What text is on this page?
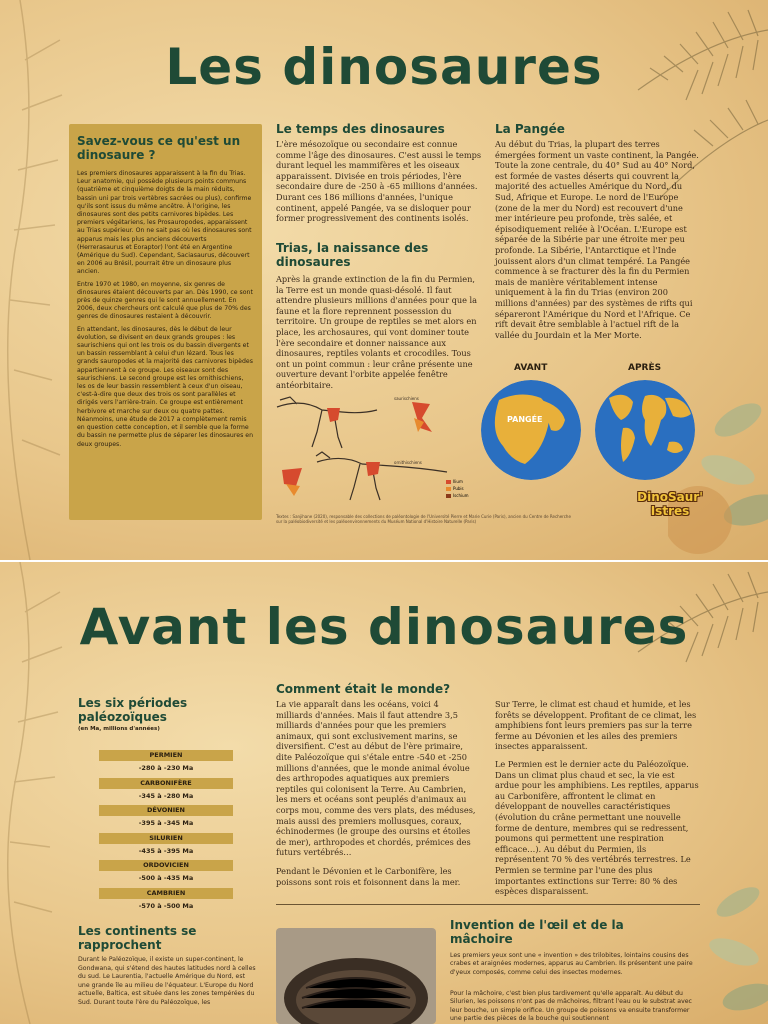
Les dinosaures
Savez-vous ce qu'est un dinosaure ?
Les premiers dinosaures apparaissent à la fin du Trias. Leur anatomie, qui possède plusieurs points communs (quatrième et cinquième doigts de la main réduits, bassin uni par trois vertèbres sacrées ou plus), confirme qu'ils sont issus du même ancêtre. À l'origine, les dinosaures sont des petits carnivores bipèdes. Les premiers végétariens, les Prosauropodes, apparaissent au Trias supérieur. On ne sait pas où les dinosaures sont apparus mais les plus anciens découverts (Herrerasaurus et Eoraptor) l'ont été en Argentine (Amérique du Sud). Cependant, Saciasaurus, découvert en 2006 au Brésil, pourrait être un dinosaure plus ancien.
Entre 1970 et 1980, en moyenne, six genres de dinosaures étaient découverts par an. Dès 1990, ce sont près de quinze genres qui le sont annuellement. En 2006, deux chercheurs ont calculé que plus de 70% des genres de dinosaures restaient à découvrir.
En attendant, les dinosaures, dès le début de leur évolution, se divisent en deux grands groupes : les saurischiens qui ont les trois os du bassin divergents et un bassin ressemblant à celui d'un lézard. Tous les grands sauropodes et la majorité des carnivores bipèdes appartiennent à ce groupe. Les oiseaux sont des saurischiens. Le second groupe est les ornithischiens, les os de leur bassin ressemblent à ceux d'un oiseau, c'est-à-dire que deux des trois os sont parallèles et dirigés vers l'arrière-train. Ce groupe est entièrement herbivore et marche sur deux ou quatre pattes. Néanmoins, une étude de 2017 a complètement remis en question cette conception, et il semble que la forme du bassin ne permette plus de séparer les dinosaures en deux groupes.
Le temps des dinosaures
L'ère mésozoïque ou secondaire est connue comme l'âge des dinosaures. C'est aussi le temps durant lequel les mammifères et les oiseaux apparaissent. Divisée en trois périodes, l'ère secondaire dure de -250 à -65 millions d'années. Durant ces 186 millions d'années, l'unique continent, appelé Pangée, va se disloquer pour former progressivement des continents isolés.
Trias, la naissance des dinosaures
Après la grande extinction de la fin du Permien, la Terre est un monde quasi-désolé. Il faut attendre plusieurs millions d'années pour que la faune et la flore reprennent possession du territoire. Un groupe de reptiles se met alors en place, les archosaures, qui vont dominer toute l'ère secondaire et donner naissance aux dinosaures, reptiles volants et crocodiles. Tous ont un point commun : leur crâne présente une ouverture devant l'orbite appelée fenêtre antéorbitaire.
saurischiens
ornithischiens
Ilium
Pubis
Ischium
Textes : Sanjihane (2020), responsable des collections de paléontologie de l'Université Pierre et Marie Curie (Paris), ancien du Centre de Recherche sur la paléobiodiversité et les paléoenvironnements du Muséum National d'Histoire Naturelle (Paris)
La Pangée
Au début du Trias, la plupart des terres émergées forment un vaste continent, la Pangée. Toute la zone centrale, du 40° Sud au 40° Nord, est formée de vastes déserts qui couvrent la majorité des actuelles Amérique du Nord, du Sud, Afrique et Europe. Le nord de l'Europe (zone de la mer du Nord) est recouvert d'une mer intérieure peu profonde, très salée, et épisodiquement reliée à l'Océan. L'Europe est séparée de la Sibérie par une étroite mer peu profonde. La Sibérie, l'Antarctique et l'Inde jouissent alors d'un climat tempéré. La Pangée commence à se fracturer dès la fin du Permien mais de manière véritablement intense uniquement à la fin du Trias (environ 200 millions d'années) par des systèmes de rifts qui sépareront l'Amérique du Nord et l'Afrique. Ce rift devait être semblable à l'actuel rift de la vallée du Jourdain et la Mer Morte.
AVANT	APRÈS
PANGÉE
DinoSaur' Istres
Avant les dinosaures
Les six périodes paléozoïques
(en Ma, millions d'années)
PERMIEN
-280 à -230 Ma
CARBONIFÈRE
-345 à -280 Ma
DÉVONIEN
-395 à -345 Ma
SILURIEN
-435 à -395 Ma
ORDOVICIEN
-500 à -435 Ma
CAMBRIEN
-570 à -500 Ma
Les continents se rapprochent
Durant le Paléozoïque, il existe un super-continent, le Gondwana, qui s'étend des hautes latitudes nord à celles du sud. Le Laurentia, l'actuelle Amérique du Nord, est une grande île au milieu de l'équateur. L'Europe du Nord actuelle, Baltica, est située dans les zones tempérées du Sud. Durant toute l'ère du Paléozoïque, les
Comment était le monde?
La vie apparaît dans les océans, voici 4 milliards d'années. Mais il faut attendre 3,5 milliards d'années pour que les premiers animaux, qui sont exclusivement marins, se diversifient. C'est au début de l'ère primaire, dite Paléozoïque qui s'étale entre -540 et -250 millions d'années, que le monde animal évolue des arthropodes aquatiques aux premiers reptiles qui colonisent la Terre. Au Cambrien, les mers et océans sont peuplés d'animaux au corps mou, comme des vers plats, des méduses, mais aussi des premiers mollusques, coraux, échinodermes (le groupe des oursins et étoiles de mer), arthropodes et chordés, prémices des futurs vertébrés…
Pendant le Dévonien et le Carbonifère, les poissons sont rois et foisonnent dans la mer.
Sur Terre, le climat est chaud et humide, et les forêts se développent. Profitant de ce climat, les amphibiens font leurs premiers pas sur la terre ferme au Dévonien et les ailes des premiers insectes apparaissent.
Le Permien est le dernier acte du Paléozoïque. Dans un climat plus chaud et sec, la vie est ardue pour les amphibiens. Les reptiles, apparus au Carbonifère, affrontent le climat en développant de nouvelles caractéristiques (évolution du crâne permettant une nouvelle forme de denture, membres qui se redressent, poumons qui permettent une respiration efficace…). Au début du Permien, ils représentent 70 % des vertébrés terrestres. Le Permien se termine par l'une des plus importantes extinctions sur Terre: 80 % des espèces disparaissent.
Invention de l'œil et de la mâchoire
Les premiers yeux sont une « invention » des trilobites, lointains cousins des crabes et araignées modernes, apparus au Cambrien. Ils présentent une paire d'yeux composés, comme celui des insectes modernes.
Pour la mâchoire, c'est bien plus tardivement qu'elle apparaît. Au début du Silurien, les poissons n'ont pas de mâchoires, filtrant l'eau ou le substrat avec leur bouche, un simple orifice. Un groupe de poissons va ensuite transformer une partie des pièces de la bouche qui soutiennent
